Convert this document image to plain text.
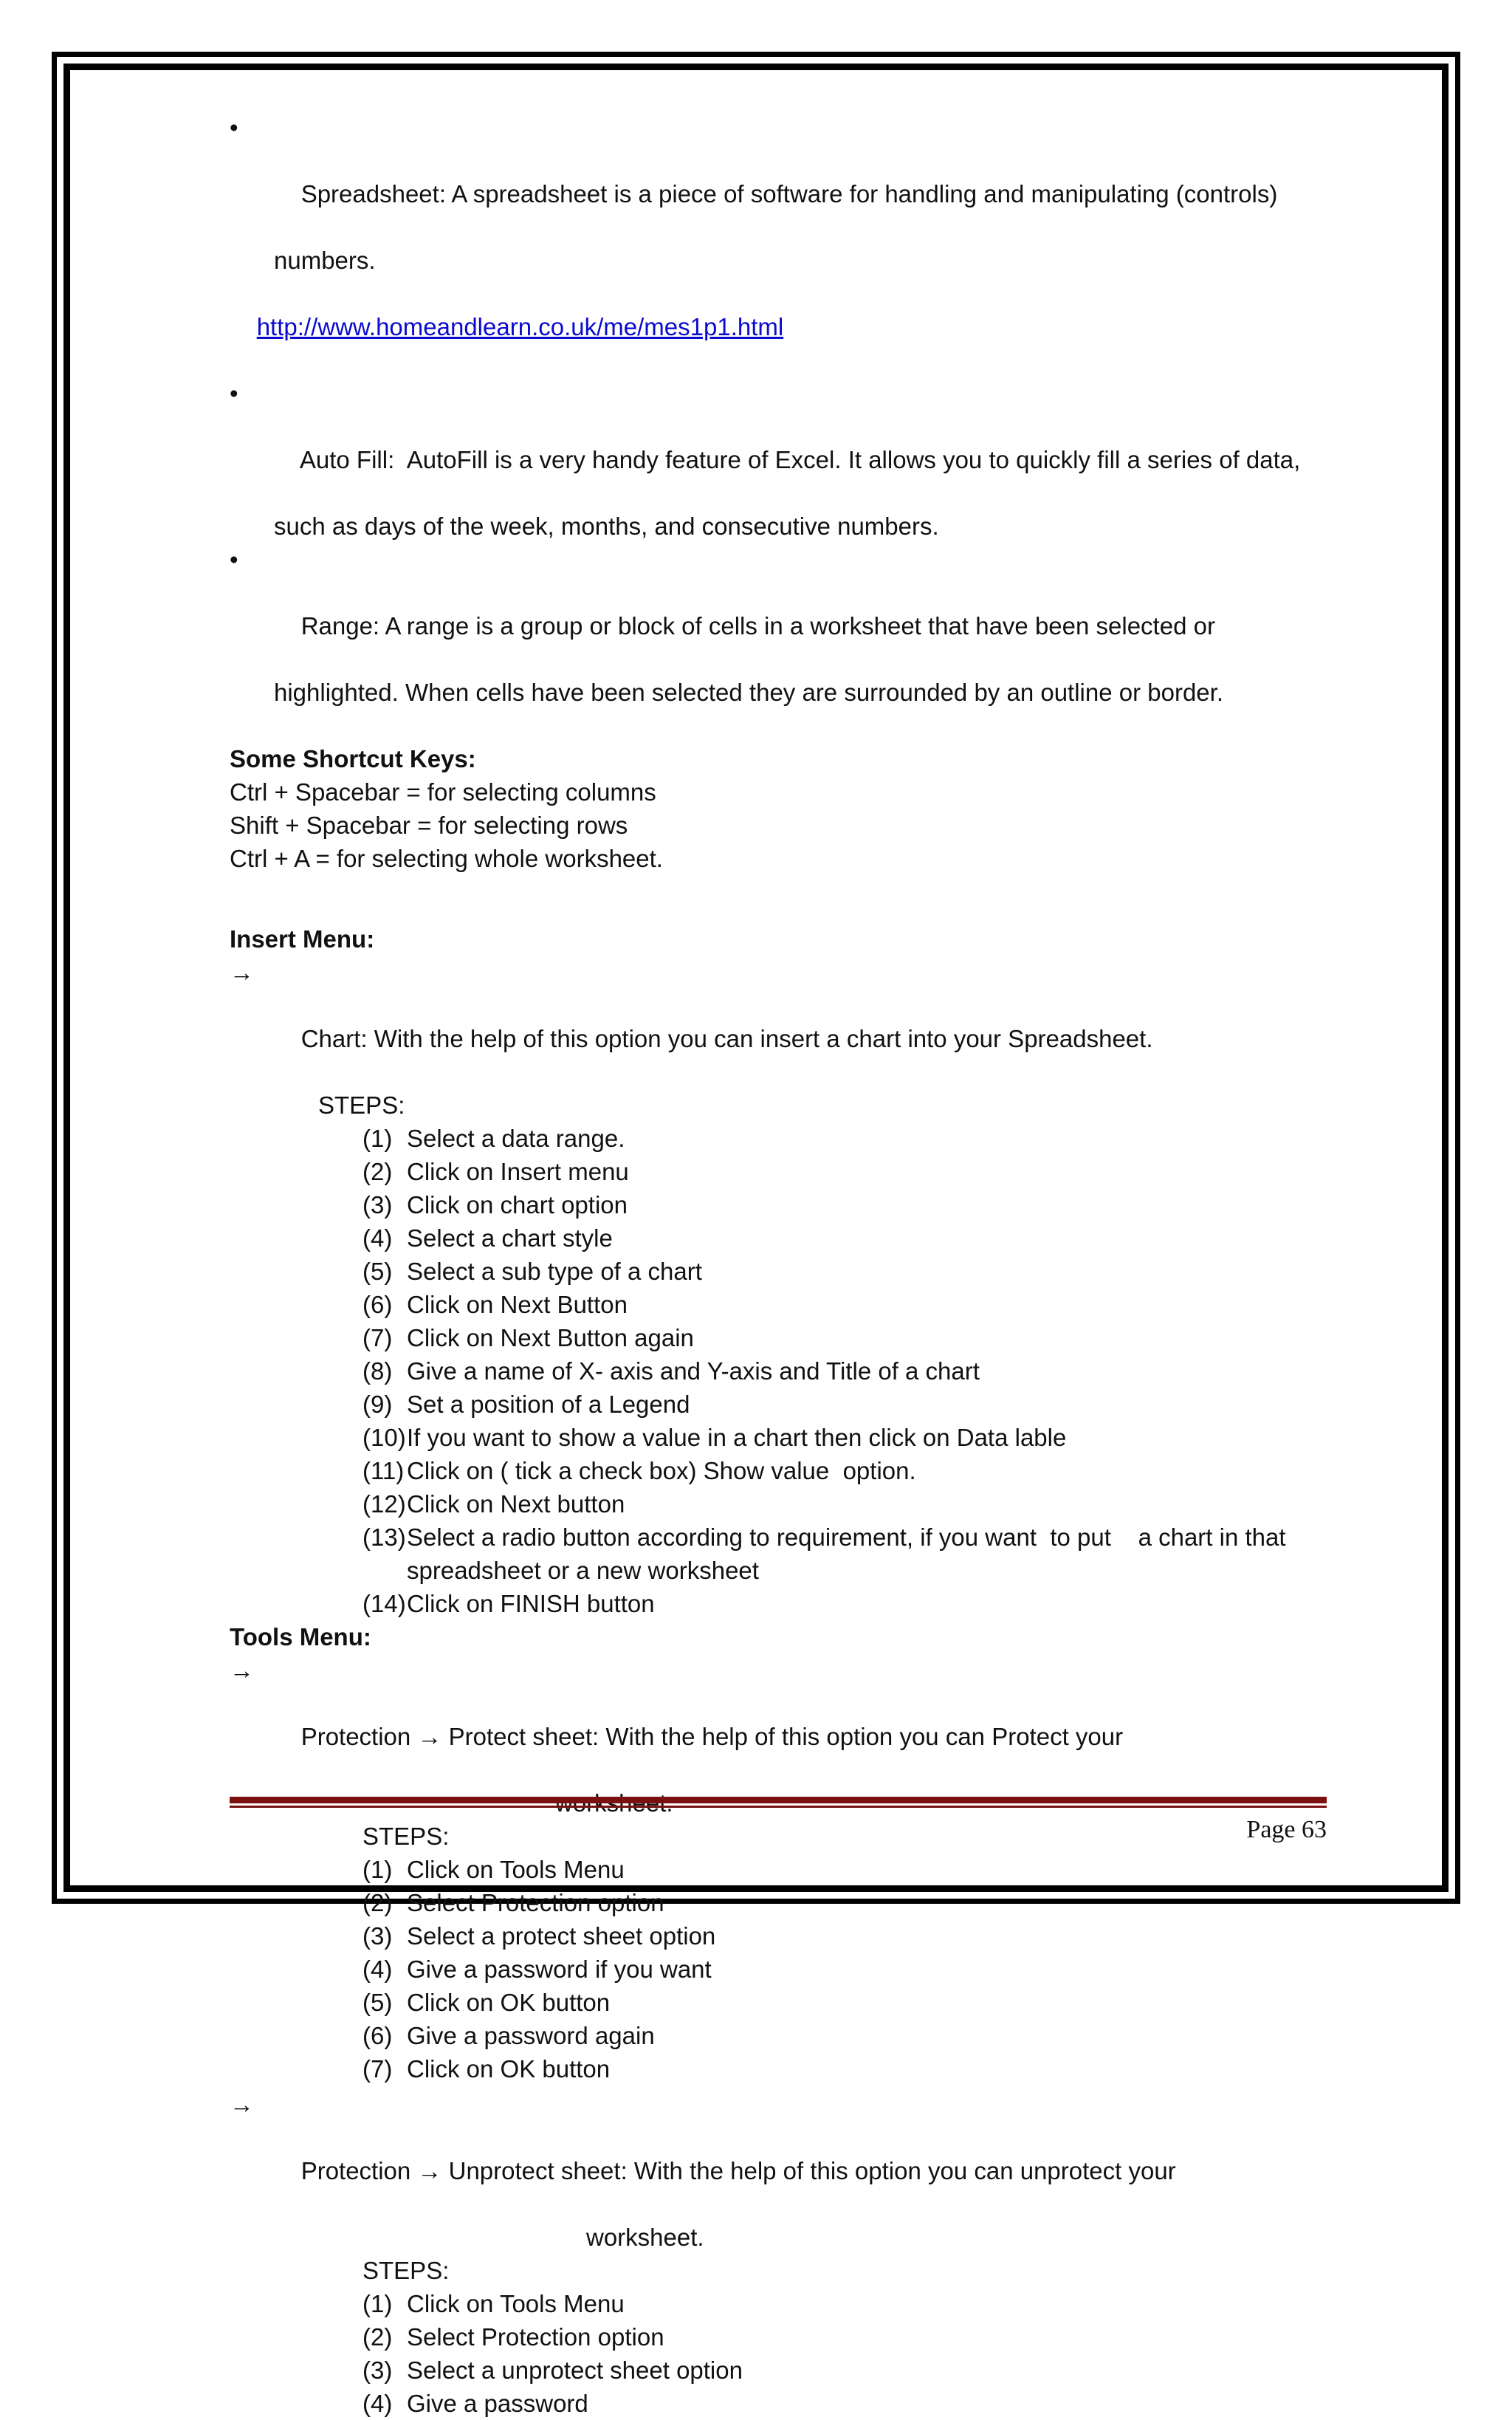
•

Spreadsheet: A spreadsheet is a piece of software for handling and manipulating (controls)

numbers.

http://www.homeandlearn.co.uk/me/mes1p1.html

•

Auto Fill:  AutoFill is a very handy feature of Excel. It allows you to quickly fill a series of data,

such as days of the week, months, and consecutive numbers.

•

Range: A range is a group or block of cells in a worksheet that have been selected or

highlighted. When cells have been selected they are surrounded by an outline or border.
Some Shortcut Keys:
Ctrl + Spacebar = for selecting columns
Shift + Spacebar = for selecting rows
Ctrl + A = for selecting whole worksheet.
Insert Menu:

→

Chart: With the help of this option you can insert a chart into your Spreadsheet.

STEPS:
(1) Select a data range.
(2) Click on Insert menu
(3) Click on chart option
(4) Select a chart style
(5) Select a sub type of a chart
(6) Click on Next Button
(7) Click on Next Button again
(8) Give a name of X- axis and Y-axis and Title of a chart
(9) Set a position of a Legend
(10) If you want to show a value in a chart then click on Data lable
(11) Click on ( tick a check box) Show value  option.
(12) Click on Next button
(13) Select a radio button according to requirement, if you want  to put    a chart in that
spreadsheet or a new worksheet
(14) Click on FINISH button
Tools Menu:

→

Protection → Protect sheet: With the help of this option you can Protect your

STEPS:
(1) Click on Tools Menu
(2) Select Protection option
(3) Select a protect sheet option
(4) Give a password if you want
(5) Click on OK button
(6) Give a password again
(7) Click on OK button

→

Protection → Unprotect sheet: With the help of this option you can unprotect your

worksheet.
STEPS:
(1) Click on Tools Menu
(2) Select Protection option
(3) Select a unprotect sheet option
(4) Give a password
Page 63
